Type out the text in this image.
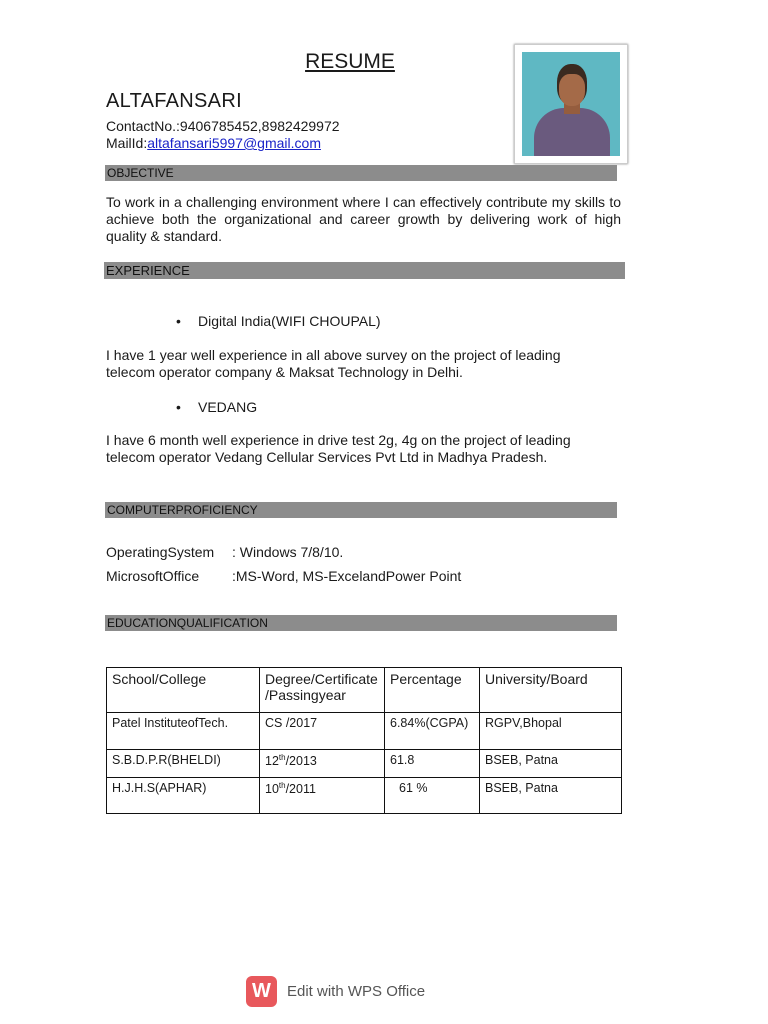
RESUME
ALTAFANSARI
ContactNo.:9406785452,8982429972
MailId:altafansari5997@gmail.com
OBJECTIVE
To work in a challenging environment where I can effectively contribute my skills to achieve both the organizational and career growth by delivering work of high quality & standard.
EXPERIENCE
• Digital India(WIFI CHOUPAL)
I have 1 year well experience in all above survey on the project of leading
telecom operator company & Maksat Technology in Delhi.
• VEDANG
I have 6 month well experience in drive test 2g, 4g on the project of leading
telecom operator Vedang Cellular Services Pvt Ltd in Madhya Pradesh.
COMPUTERPROFICIENCY
OperatingSystem : Windows 7/8/10.
MicrosoftOffice :MS-Word, MS-ExcelandPower Point
EDUCATIONQUALIFICATION
School/College	Degree/Certificate /Passingyear	Percentage	University/Board
Patel InstituteofTech.	CS /2017	6.84%(CGPA)	RGPV,Bhopal
S.B.D.P.R(BHELDI)	12th/2013	61.8	BSEB, Patna
H.J.H.S(APHAR)	10th/2011	61 %	BSEB, Patna
W	Edit with WPS Office
